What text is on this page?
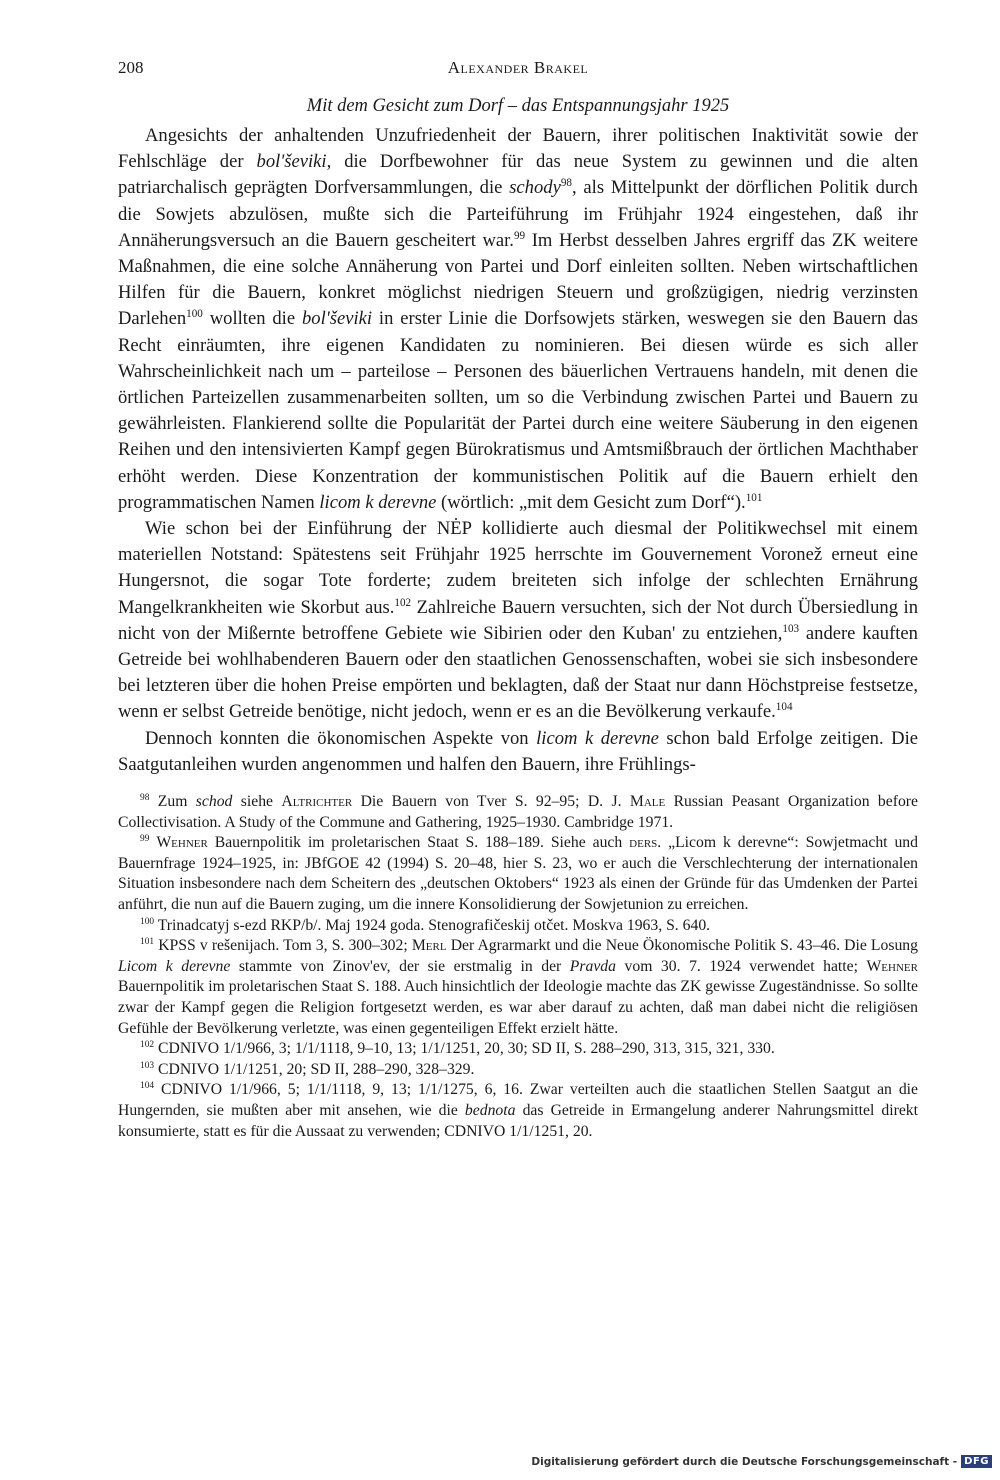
208	Alexander Brakel
Mit dem Gesicht zum Dorf – das Entspannungsjahr 1925

Angesichts der anhaltenden Unzufriedenheit der Bauern, ihrer politischen Inaktivität sowie der Fehlschläge der bol'ševiki, die Dorfbewohner für das neue System zu gewinnen und die alten patriarchalisch geprägten Dorfversammlungen, die schody$^{98}$, als Mittelpunkt der dörflichen Politik durch die Sowjets abzulösen, mußte sich die Parteiführung im Frühjahr 1924 eingestehen, daß ihr Annäherungsversuch an die Bauern gescheitert war.$^{99}$ Im Herbst desselben Jahres ergriff das ZK weitere Maßnahmen, die eine solche Annäherung von Partei und Dorf einleiten sollten. Neben wirtschaftlichen Hilfen für die Bauern, konkret möglichst niedrigen Steuern und großzügigen, niedrig verzinsten Darlehen$^{100}$ wollten die bol'ševiki in erster Linie die Dorfsowjets stärken, weswegen sie den Bauern das Recht einräumten, ihre eigenen Kandidaten zu nominieren. Bei diesen würde es sich aller Wahrscheinlichkeit nach um – parteilose – Personen des bäuerlichen Vertrauens handeln, mit denen die örtlichen Parteizellen zusammenarbeiten sollten, um so die Verbindung zwischen Partei und Bauern zu gewährleisten. Flankierend sollte die Popularität der Partei durch eine weitere Säuberung in den eigenen Reihen und den intensivierten Kampf gegen Bürokratismus und Amtsmißbrauch der örtlichen Machthaber erhöht werden. Diese Konzentration der kommunistischen Politik auf die Bauern erhielt den programmatischen Namen licom k derevne (wörtlich: „mit dem Gesicht zum Dorf“).$^{101}$

Wie schon bei der Einführung der NĖP kollidierte auch diesmal der Politikwechsel mit einem materiellen Notstand: Spätestens seit Frühjahr 1925 herrschte im Gouvernement Voronež erneut eine Hungersnot, die sogar Tote forderte; zudem breiteten sich infolge der schlechten Ernährung Mangelkrankheiten wie Skorbut aus.$^{102}$ Zahlreiche Bauern versuchten, sich der Not durch Übersiedlung in nicht von der Mißernte betroffene Gebiete wie Sibirien oder den Kuban' zu entziehen,$^{103}$ andere kauften Getreide bei wohlhabenderen Bauern oder den staatlichen Genossenschaften, wobei sie sich insbesondere bei letzteren über die hohen Preise empörten und beklagten, daß der Staat nur dann Höchstpreise festsetze, wenn er selbst Getreide benötige, nicht jedoch, wenn er es an die Bevölkerung verkaufe.$^{104}$

Dennoch konnten die ökonomischen Aspekte von licom k derevne schon bald Erfolge zeitigen. Die Saatgutanleihen wurden angenommen und halfen den Bauern, ihre Frühlings-

$^{98}$ Zum schod siehe Altrichter Die Bauern von Tver S. 92–95; D. J. Male Russian Peasant Organization before Collectivisation. A Study of the Commune and Gathering, 1925–1930. Cambridge 1971.

$^{99}$ Wehner Bauernpolitik im proletarischen Staat S. 188–189. Siehe auch ders. „Licom k derevne“: Sowjetmacht und Bauernfrage 1924–1925, in: JBfGOE 42 (1994) S. 20–48, hier S. 23, wo er auch die Verschlechterung der internationalen Situation insbesondere nach dem Scheitern des „deutschen Oktobers“ 1923 als einen der Gründe für das Umdenken der Partei anführt, die nun auf die Bauern zuging, um die innere Konsolidierung der Sowjetunion zu erreichen.

$^{100}$ Trinadcatyj s-ezd RKP/b/. Maj 1924 goda. Stenografičeskij otčet. Moskva 1963, S. 640.

$^{101}$ KPSS v rešenijach. Tom 3, S. 300–302; Merl Der Agrarmarkt und die Neue Ökonomische Politik S. 43–46. Die Losung Licom k derevne stammte von Zinov'ev, der sie erstmalig in der Pravda vom 30. 7. 1924 verwendet hatte; Wehner Bauernpolitik im proletarischen Staat S. 188. Auch hinsichtlich der Ideologie machte das ZK gewisse Zugeständnisse. So sollte zwar der Kampf gegen die Religion fortgesetzt werden, es war aber darauf zu achten, daß man dabei nicht die religiösen Gefühle der Bevölkerung verletzte, was einen gegenteiligen Effekt erzielt hätte.

$^{102}$ CDNIVO 1/1/966, 3; 1/1/1118, 9–10, 13; 1/1/1251, 20, 30; SD II, S. 288–290, 313, 315, 321, 330.

$^{103}$ CDNIVO 1/1/1251, 20; SD II, 288–290, 328–329.

$^{104}$ CDNIVO 1/1/966, 5; 1/1/1118, 9, 13; 1/1/1275, 6, 16. Zwar verteilten auch die staatlichen Stellen Saatgut an die Hungernden, sie mußten aber mit ansehen, wie die bednota das Getreide in Ermangelung anderer Nahrungsmittel direkt konsumierte, statt es für die Aussaat zu verwenden; CDNIVO 1/1/1251, 20.

Digitalisierung gefördert durch die Deutsche Forschungsgemeinschaft - DFG
